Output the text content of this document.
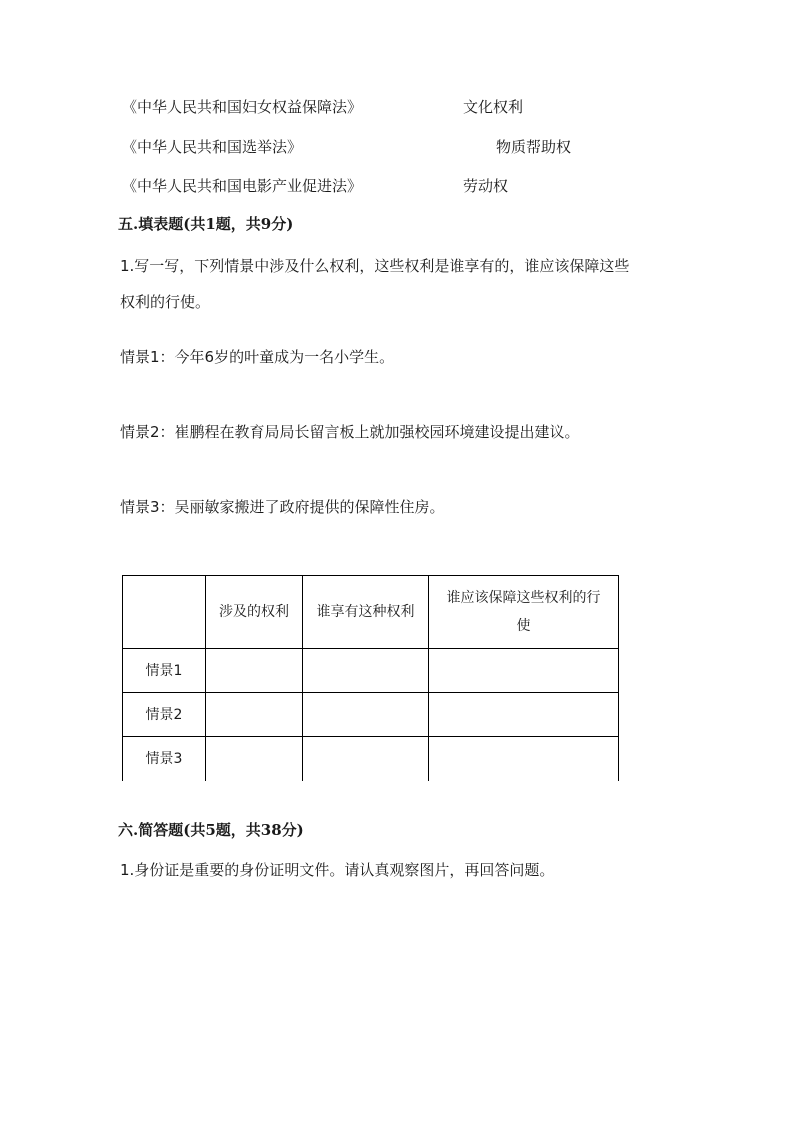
《中华人民共和国妇女权益保障法》	文化权利
《中华人民共和国选举法》	物质帮助权
《中华人民共和国电影产业促进法》	劳动权
五.填表题(共1题，共9分)
1.写一写，下列情景中涉及什么权利，这些权利是谁享有的，谁应该保障这些
权利的行使。
情景1：今年6岁的叶童成为一名小学生。
情景2：崔鹏程在教育局局长留言板上就加强校园环境建设提出建议。
情景3：吴丽敏家搬进了政府提供的保障性住房。
	涉及的权利	谁享有这种权利	谁应该保障这些权利的行使
情景1			
情景2			
情景3			
六.简答题(共5题，共38分)
1.身份证是重要的身份证明文件。请认真观察图片，再回答问题。
